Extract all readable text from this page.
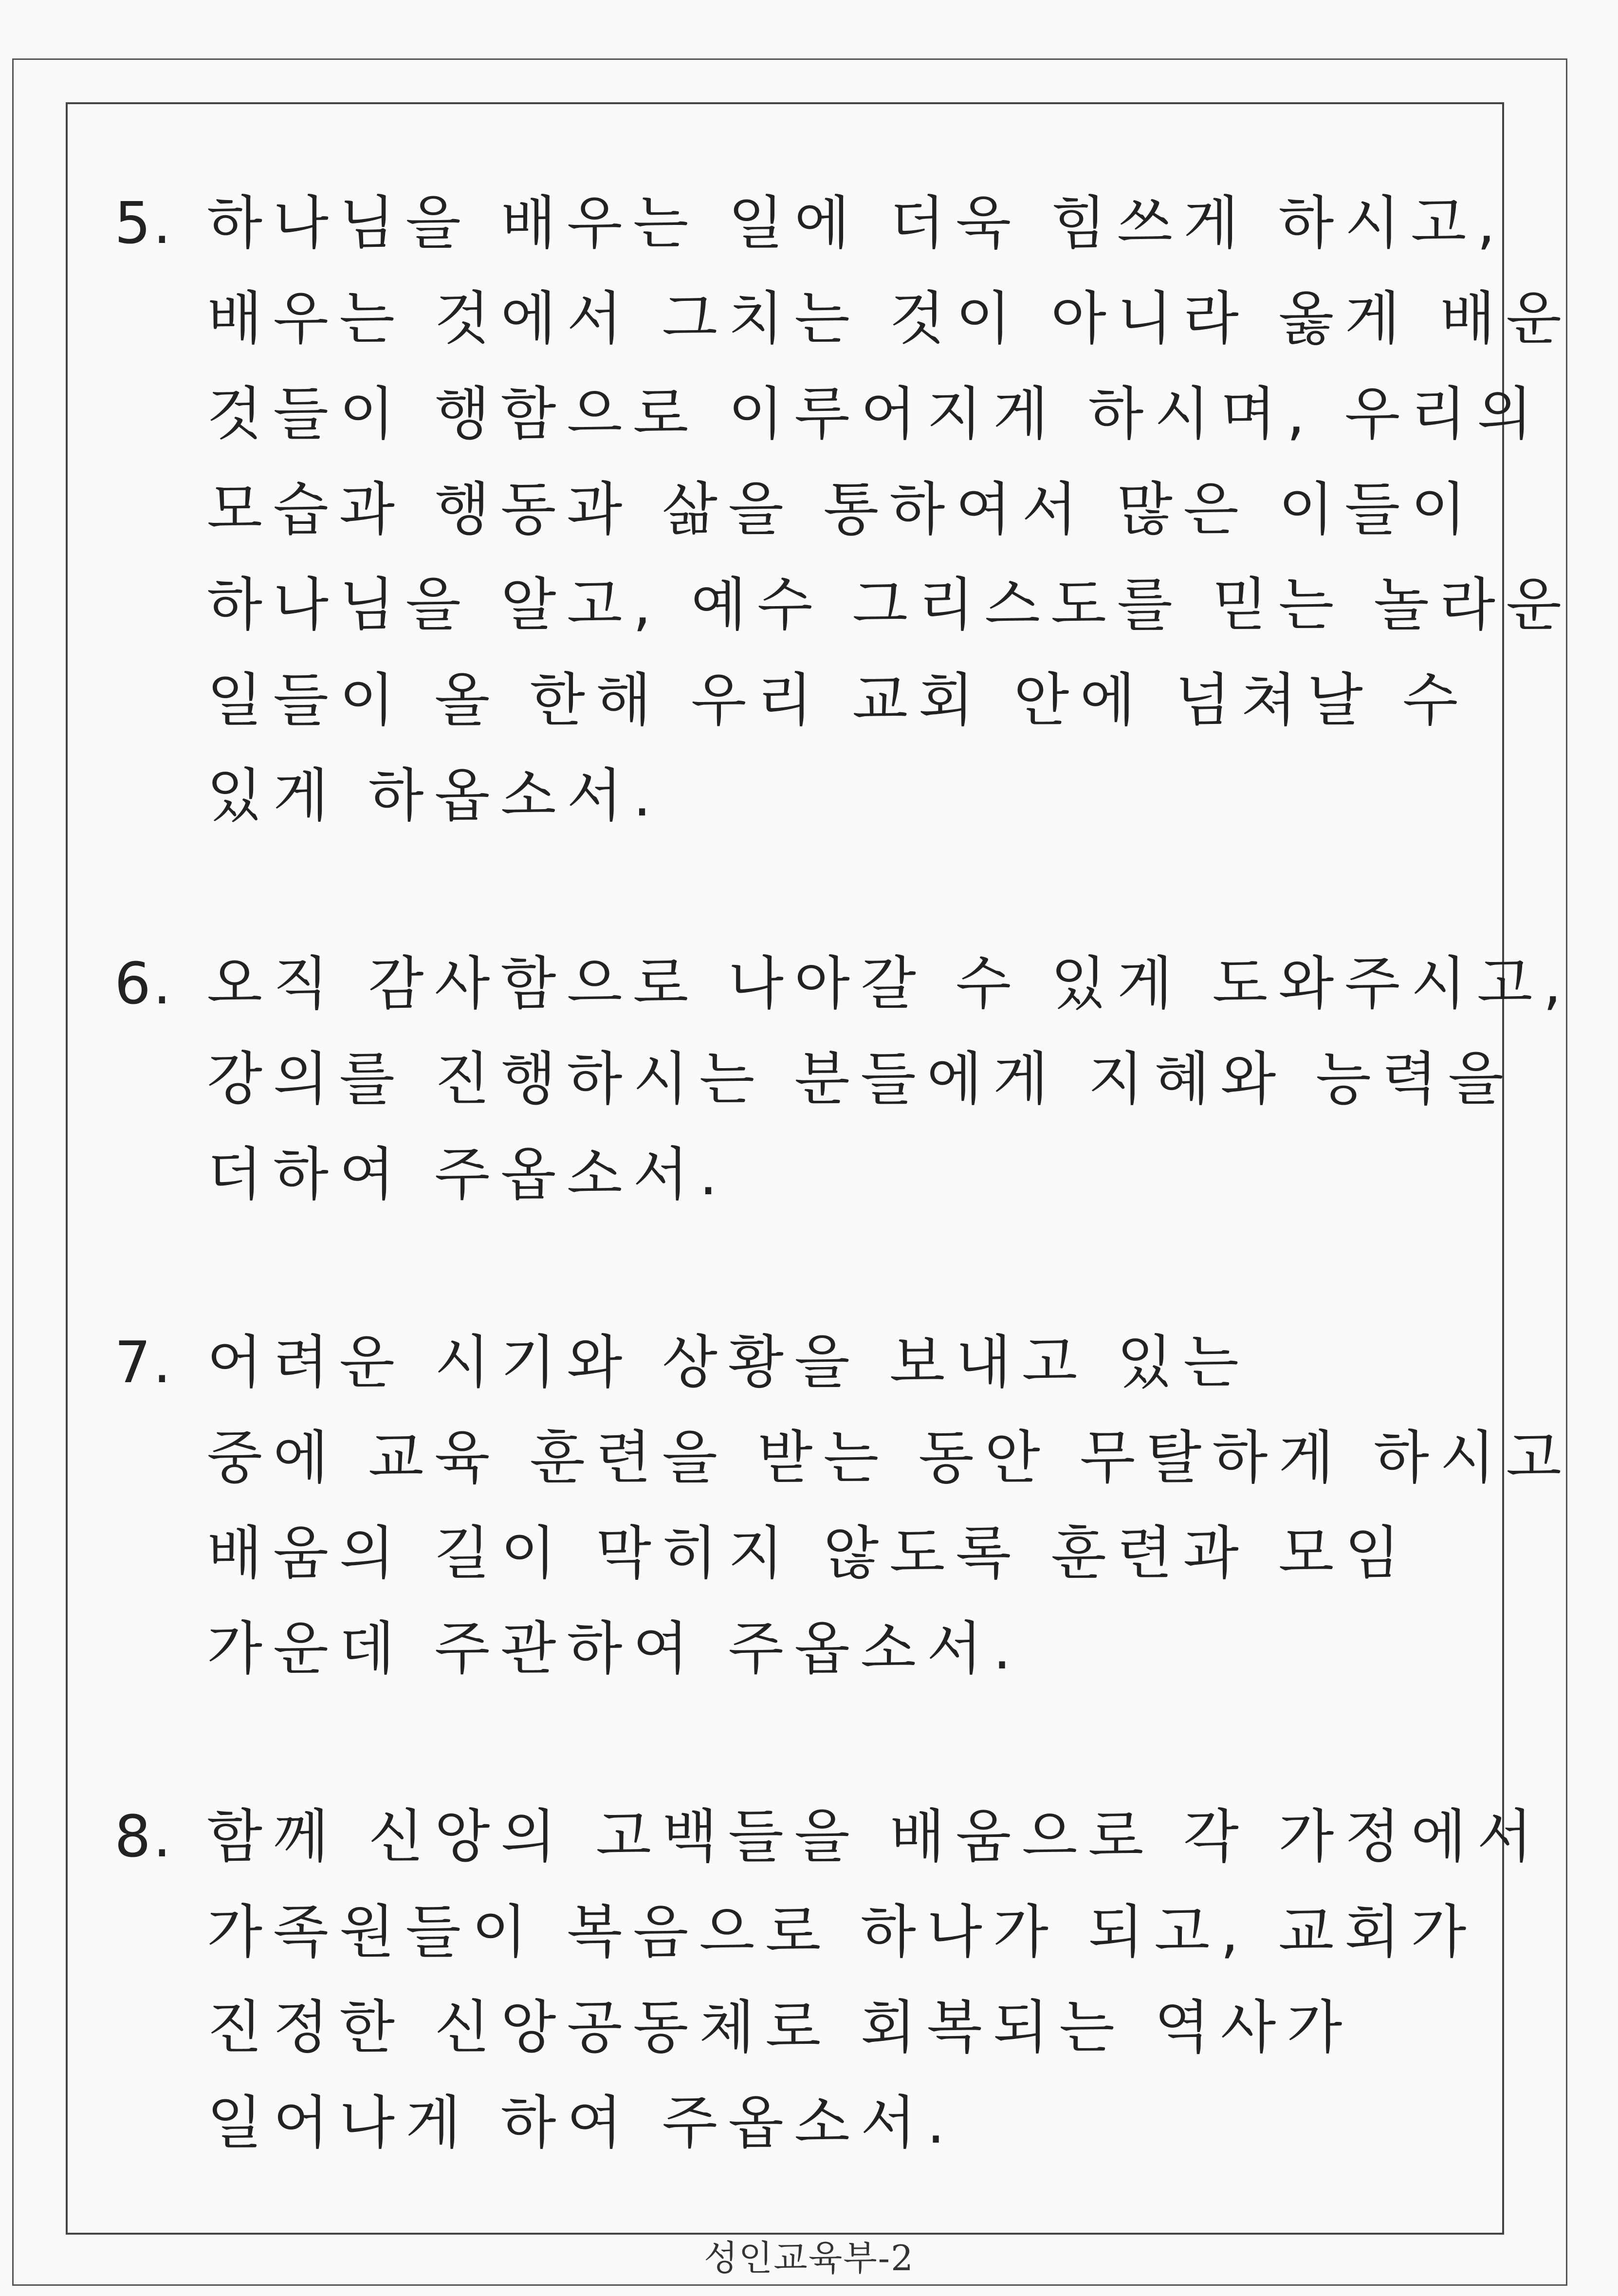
5. 하나님을 배우는 일에 더욱 힘쓰게 하시고,
배우는 것에서 그치는 것이 아니라 옳게 배운
것들이 행함으로 이루어지게 하시며, 우리의
모습과 행동과 삶을 통하여서 많은 이들이
하나님을 알고, 예수 그리스도를 믿는 놀라운
일들이 올 한해 우리 교회 안에 넘쳐날 수
있게 하옵소서.
6. 오직 감사함으로 나아갈 수 있게 도와주시고,
강의를 진행하시는 분들에게 지혜와 능력을
더하여 주옵소서.
7. 어려운 시기와 상황을 보내고 있는
중에 교육 훈련을 받는 동안 무탈하게 하시고
배움의 길이 막히지 않도록 훈련과 모임
가운데 주관하여 주옵소서.
8. 함께 신앙의 고백들을 배움으로 각 가정에서
가족원들이 복음으로 하나가 되고, 교회가
진정한 신앙공동체로 회복되는 역사가
일어나게 하여 주옵소서.
성인교육부-2
